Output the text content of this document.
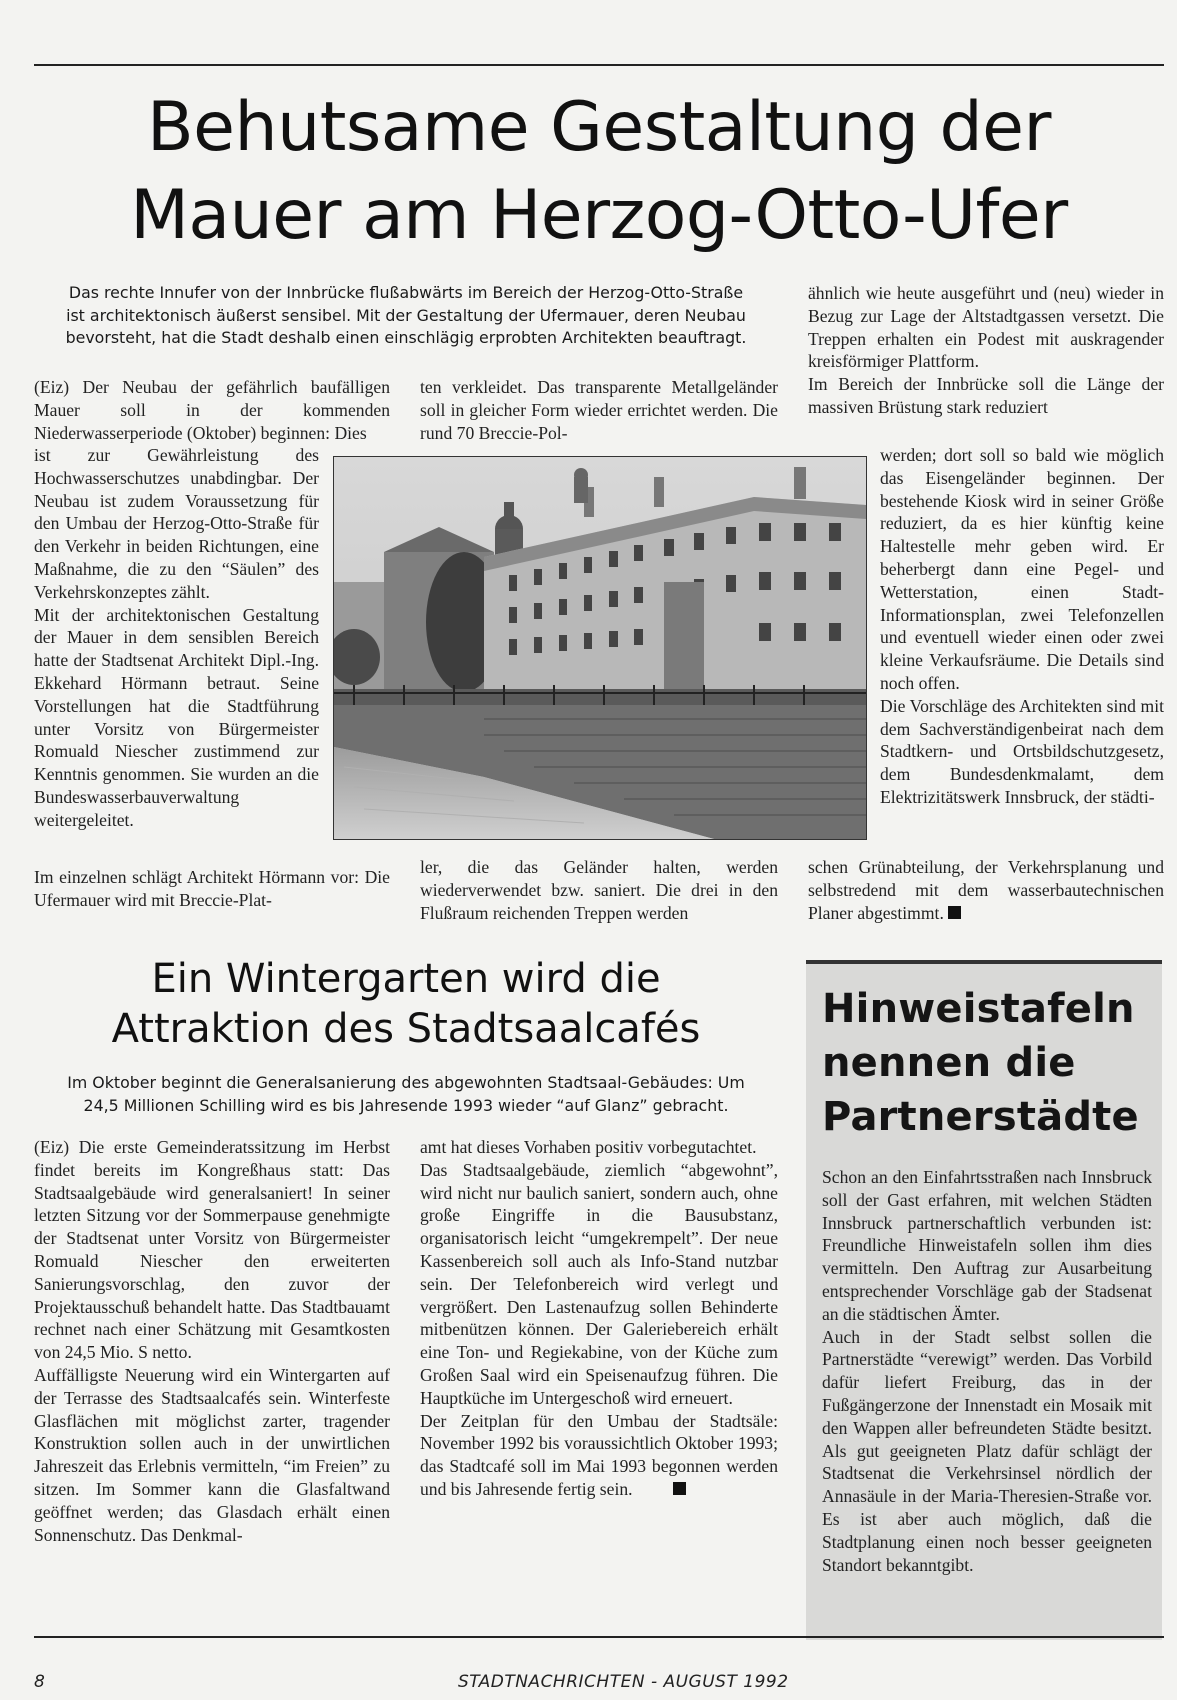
Behutsame Gestaltung der
Mauer am Herzog-Otto-Ufer
Das rechte Innufer von der Innbrücke flußabwärts im Bereich der Herzog-Otto-Straße
ist architektonisch äußerst sensibel. Mit der Gestaltung der Ufermauer, deren Neubau
bevorsteht, hat die Stadt deshalb einen einschlägig erprobten Architekten beauftragt.

(Eiz) Der Neubau der gefährlich baufälligen Mauer soll in der kommenden Niederwasserperiode (Oktober) beginnen: Dies

ist zur Gewährleistung des Hochwasserschutzes unabdingbar. Der Neubau ist zudem Voraussetzung für den Umbau der Herzog-Otto-Straße für den Verkehr in beiden Richtungen, eine Maßnahme, die zu den “Säulen” des Verkehrskonzeptes zählt.

Mit der architektonischen Gestaltung der Mauer in dem sensiblen Bereich hatte der Stadtsenat Architekt Dipl.-Ing. Ekkehard Hörmann betraut. Seine Vorstellungen hat die Stadtführung unter Vorsitz von Bürgermeister Romuald Niescher zustimmend zur Kenntnis genommen. Sie wurden an die Bundeswasserbauverwaltung weitergeleitet.

Im einzelnen schlägt Architekt Hörmann vor: Die Ufermauer wird mit Breccie-Plat-

ten verkleidet. Das transparente Metallgeländer soll in gleicher Form wieder errichtet werden. Die rund 70 Breccie-Pol-

ler, die das Geländer halten, werden wiederverwendet bzw. saniert. Die drei in den Flußraum reichenden Treppen werden

ähnlich wie heute ausgeführt und (neu) wieder in Bezug zur Lage der Altstadtgassen versetzt. Die Treppen erhalten ein Podest mit auskragender kreisförmiger Plattform.

Im Bereich der Innbrücke soll die Länge der massiven Brüstung stark reduziert

werden; dort soll so bald wie möglich das Eisengeländer beginnen. Der bestehende Kiosk wird in seiner Größe reduziert, da es hier künftig keine Haltestelle mehr geben wird. Er beherbergt dann eine Pegel- und Wetterstation, einen Stadt-Informationsplan, zwei Telefonzellen und eventuell wieder einen oder zwei kleine Verkaufsräume. Die Details sind noch offen.

Die Vorschläge des Architekten sind mit dem Sachverständigenbeirat nach dem Stadtkern- und Ortsbildschutzgesetz, dem Bundesdenkmalamt, dem Elektrizitätswerk Innsbruck, der städti-

schen Grünabteilung, der Verkehrsplanung und selbstredend mit dem wasserbautechnischen Planer abgestimmt.

Ein Wintergarten wird die
Attraktion des Stadtsaalcafés
Im Oktober beginnt die Generalsanierung des abgewohnten Stadtsaal-Gebäudes: Um
24,5 Millionen Schilling wird es bis Jahresende 1993 wieder “auf Glanz” gebracht.

(Eiz) Die erste Gemeinderatssitzung im Herbst findet bereits im Kongreßhaus statt: Das Stadtsaalgebäude wird generalsaniert! In seiner letzten Sitzung vor der Sommerpause genehmigte der Stadtsenat unter Vorsitz von Bürgermeister Romuald Niescher den erweiterten Sanierungsvorschlag, den zuvor der Projektausschuß behandelt hatte. Das Stadtbauamt rechnet nach einer Schätzung mit Gesamtkosten von 24,5 Mio. S netto.

Auffälligste Neuerung wird ein Wintergarten auf der Terrasse des Stadtsaalcafés sein. Winterfeste Glasflächen mit möglichst zarter, tragender Konstruktion sollen auch in der unwirtlichen Jahreszeit das Erlebnis vermitteln, “im Freien” zu sitzen. Im Sommer kann die Glasfaltwand geöffnet werden; das Glasdach erhält einen Sonnenschutz. Das Denkmal-

amt hat dieses Vorhaben positiv vorbegutachtet.

Das Stadtsaalgebäude, ziemlich “abgewohnt”, wird nicht nur baulich saniert, sondern auch, ohne große Eingriffe in die Bausubstanz, organisatorisch leicht “umgekrempelt”. Der neue Kassenbereich soll auch als Info-Stand nutzbar sein. Der Telefonbereich wird verlegt und vergrößert. Den Lastenaufzug sollen Behinderte mitbenützen können. Der Galeriebereich erhält eine Ton- und Regiekabine, von der Küche zum Großen Saal wird ein Speisenaufzug führen. Die Hauptküche im Untergeschoß wird erneuert.

Der Zeitplan für den Umbau der Stadtsäle: November 1992 bis voraussichtlich Oktober 1993; das Stadtcafé soll im Mai 1993 begonnen werden und bis Jahresende fertig sein.

Hinweistafeln
nennen die
Partnerstädte

Schon an den Einfahrtsstraßen nach Innsbruck soll der Gast erfahren, mit welchen Städten Innsbruck partnerschaftlich verbunden ist: Freundliche Hinweistafeln sollen ihm dies vermitteln. Den Auftrag zur Ausarbeitung entsprechender Vorschläge gab der Stadsenat an die städtischen Ämter.

Auch in der Stadt selbst sollen die Partnerstädte “verewigt” werden. Das Vorbild dafür liefert Freiburg, das in der Fußgängerzone der Innenstadt ein Mosaik mit den Wappen aller befreundeten Städte besitzt. Als gut geeigneten Platz dafür schlägt der Stadtsenat die Verkehrsinsel nördlich der Annasäule in der Maria-Theresien-Straße vor. Es ist aber auch möglich, daß die Stadtplanung einen noch besser geeigneten Standort bekanntgibt.

8	STADTNACHRICHTEN - AUGUST 1992
